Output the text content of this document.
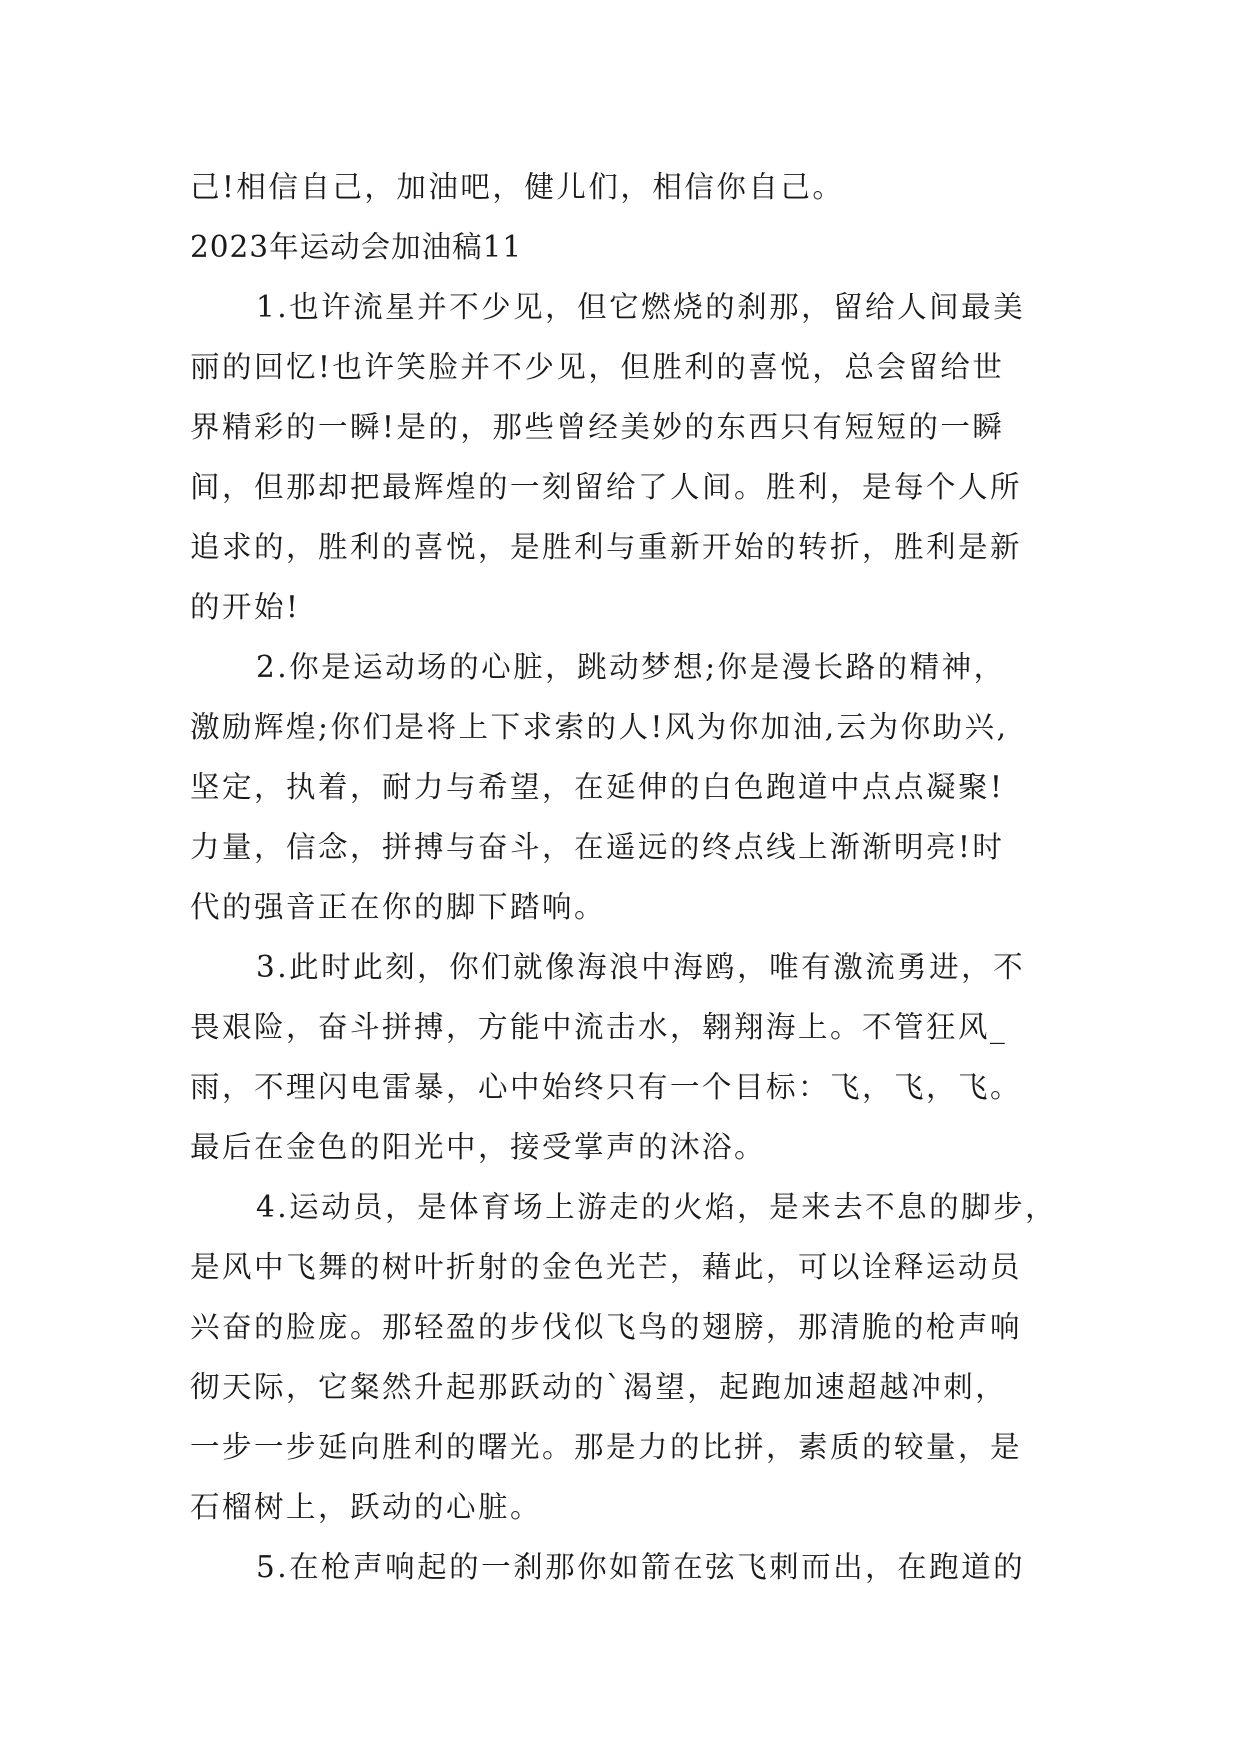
己!相信自己，加油吧，健儿们，相信你自己。
2023年运动会加油稿11
1.也许流星并不少见，但它燃烧的刹那，留给人间最美
丽的回忆!也许笑脸并不少见，但胜利的喜悦，总会留给世
界精彩的一瞬!是的，那些曾经美妙的东西只有短短的一瞬
间，但那却把最辉煌的一刻留给了人间。胜利，是每个人所
追求的，胜利的喜悦，是胜利与重新开始的转折，胜利是新
的开始!
2.你是运动场的心脏，跳动梦想;你是漫长路的精神，
激励辉煌;你们是将上下求索的人!风为你加油,云为你助兴,
坚定，执着，耐力与希望，在延伸的白色跑道中点点凝聚!
力量，信念，拼搏与奋斗，在遥远的终点线上渐渐明亮!时
代的强音正在你的脚下踏响。
3.此时此刻，你们就像海浪中海鸥，唯有激流勇进，不
畏艰险，奋斗拼搏，方能中流击水，翱翔海上。不管狂风_
雨，不理闪电雷暴，心中始终只有一个目标：飞，飞，飞。
最后在金色的阳光中，接受掌声的沐浴。
4.运动员，是体育场上游走的火焰，是来去不息的脚步，
是风中飞舞的树叶折射的金色光芒，藉此，可以诠释运动员
兴奋的脸庞。那轻盈的步伐似飞鸟的翅膀，那清脆的枪声响
彻天际，它粲然升起那跃动的`渴望，起跑加速超越冲刺，
一步一步延向胜利的曙光。那是力的比拼，素质的较量，是
石榴树上，跃动的心脏。
5.在枪声响起的一刹那你如箭在弦飞刺而出，在跑道的
